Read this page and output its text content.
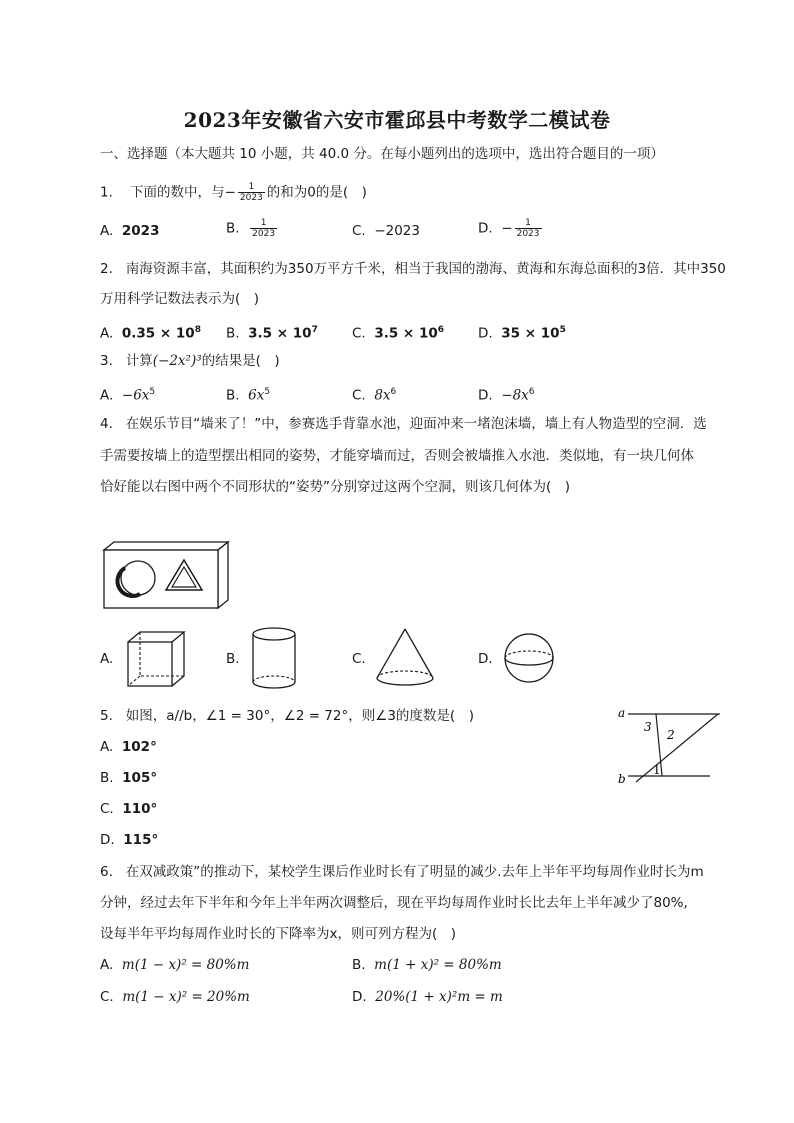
2023年安徽省六安市霍邱县中考数学二模试卷
一、选择题（本大题共 10 小题，共 40.0 分。在每小题列出的选项中，选出符合题目的一项）
1. 下面的数中，与− $\frac{1}{2023}$ 的和为0的是(　)
A. 2023	B. $\frac{1}{2023}$	C. −2023	D. − $\frac{1}{2023}$
2. 南海资源丰富，其面积约为350万平方千米，相当于我国的渤海、黄海和东海总面积的3倍．其中350
万用科学记数法表示为(　)
A. $0.35 \times 10^8$ B. $3.5 \times 10^7$	C. $3.5 \times 10^6$	D. $35 \times 10^5$
3. 计算(−2x²)³的结果是(　)
A. $-6x^5$	B. $6x^5$	C. $8x^6$	D. $-8x^6$
4. 在娱乐节目“墙来了！”中，参赛选手背靠水池，迎面冲来一堵泡沫墙，墙上有人物造型的空洞．选
手需要按墙上的造型摆出相同的姿势，才能穿墙而过，否则会被墙推入水池．类似地，有一块几何体
恰好能以右图中两个不同形状的“姿势”分别穿过这两个空洞，则该几何体为(　)
A.	B.	C.	D.
5. 如图，a//b，∠1 = 30°，∠2 = 72°，则∠3的度数是(　)
A. 102°
B. 105°
C. 110°
D. 115°
a
b
1
2
3
6. 在双减政策”的推动下，某校学生课后作业时长有了明显的减少.去年上半年平均每周作业时长为m
分钟，经过去年下半年和今年上半年两次调整后，现在平均每周作业时长比去年上半年减少了80%,
设每半年平均每周作业时长的下降率为x，则可列方程为(　)
A. m(1 − x)² = 80%m	B. m(1 + x)² = 80%m
C. m(1 − x)² = 20%m	D. 20%(1 + x)²m = m
